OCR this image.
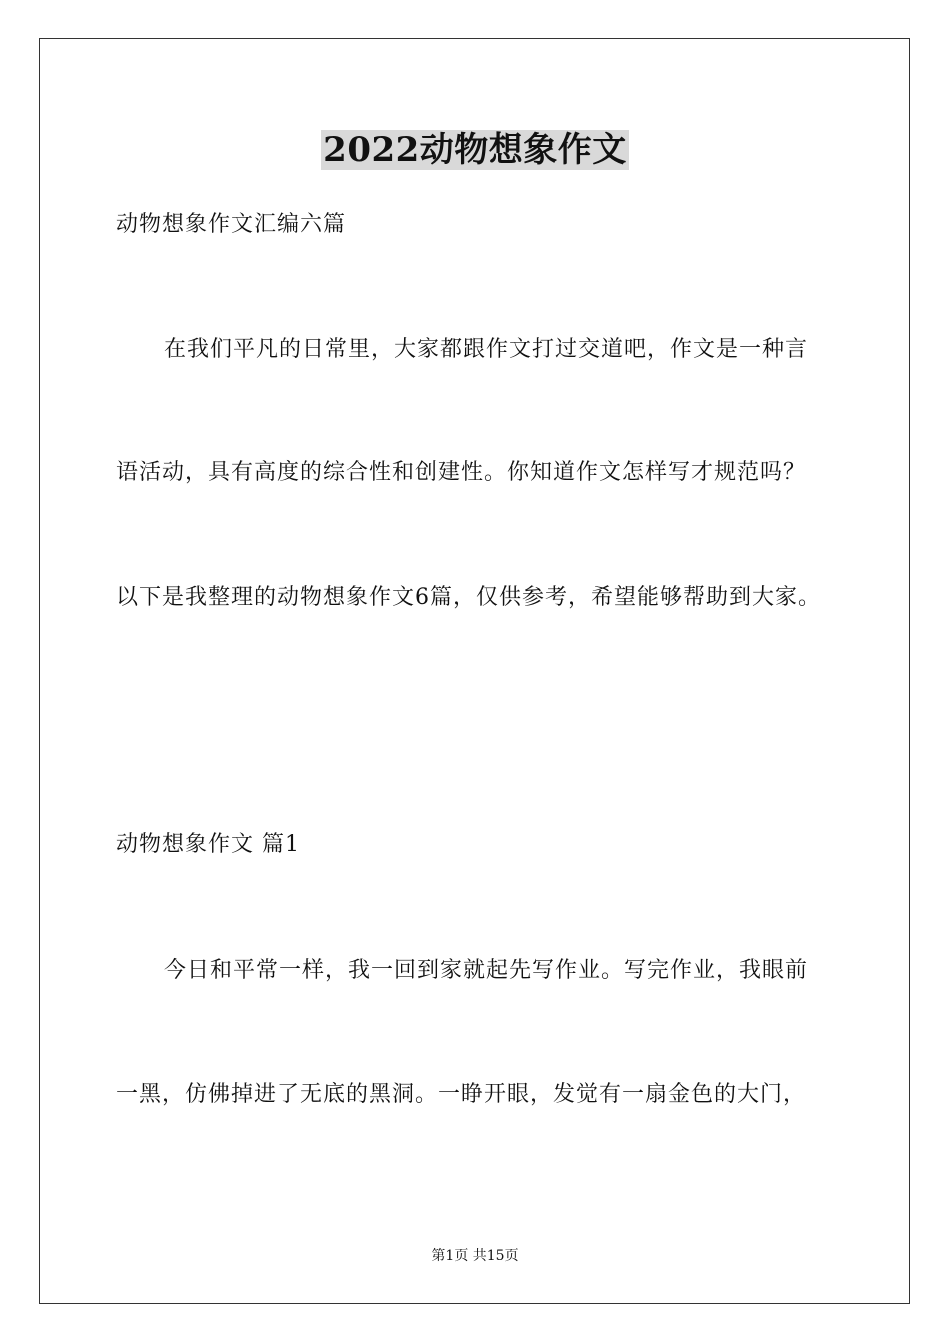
2022动物想象作文
动物想象作文汇编六篇
在我们平凡的日常里，大家都跟作文打过交道吧，作文是一种言
语活动，具有高度的综合性和创建性。你知道作文怎样写才规范吗？
以下是我整理的动物想象作文6篇，仅供参考，希望能够帮助到大家。
动物想象作文 篇1
今日和平常一样，我一回到家就起先写作业。写完作业，我眼前
一黑，仿佛掉进了无底的黑洞。一睁开眼，发觉有一扇金色的大门，
第1页 共15页
